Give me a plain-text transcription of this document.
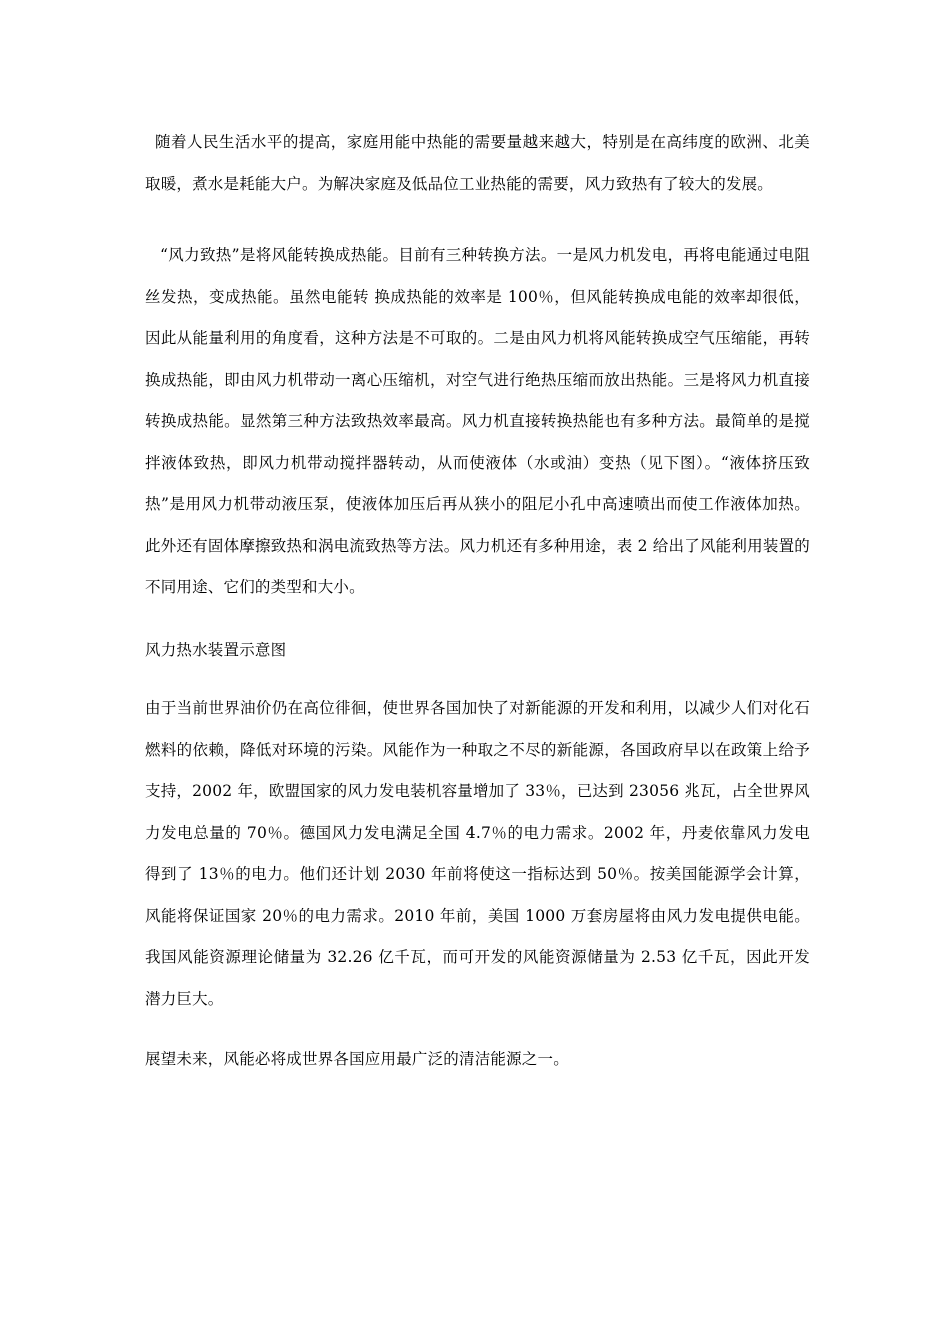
随着人民生活水平的提高，家庭用能中热能的需要量越来越大，特别是在高纬度的欧洲、北美取暖，煮水是耗能大户。为解决家庭及低品位工业热能的需要，风力致热有了较大的发展。

“风力致热”是将风能转换成热能。目前有三种转换方法。一是风力机发电，再将电能通过电阻丝发热，变成热能。虽然电能转 换成热能的效率是 100％，但风能转换成电能的效率却很低，因此从能量利用的角度看，这种方法是不可取的。二是由风力机将风能转换成空气压缩能，再转换成热能，即由风力机带动一离心压缩机，对空气进行绝热压缩而放出热能。三是将风力机直接转换成热能。显然第三种方法致热效率最高。风力机直接转换热能也有多种方法。最简单的是搅拌液体致热，即风力机带动搅拌器转动，从而使液体（水或油）变热（见下图）。“液体挤压致热”是用风力机带动液压泵，使液体加压后再从狭小的阻尼小孔中高速喷出而使工作液体加热。此外还有固体摩擦致热和涡电流致热等方法。风力机还有多种用途，表 2 给出了风能利用装置的不同用途、它们的类型和大小。

风力热水装置示意图

由于当前世界油价仍在高位徘徊，使世界各国加快了对新能源的开发和利用，以减少人们对化石燃料的依赖，降低对环境的污染。风能作为一种取之不尽的新能源，各国政府早以在政策上给予支持，2002 年，欧盟国家的风力发电装机容量增加了 33％，已达到 23056 兆瓦，占全世界风力发电总量的 70％。德国风力发电满足全国 4.7％的电力需求。2002 年，丹麦依靠风力发电得到了 13％的电力。他们还计划 2030 年前将使这一指标达到 50％。按美国能源学会计算，风能将保证国家 20％的电力需求。2010 年前，美国 1000 万套房屋将由风力发电提供电能。我国风能资源理论储量为 32.26 亿千瓦，而可开发的风能资源储量为 2.53 亿千瓦，因此开发潜力巨大。

展望未来，风能必将成世界各国应用最广泛的清洁能源之一。
